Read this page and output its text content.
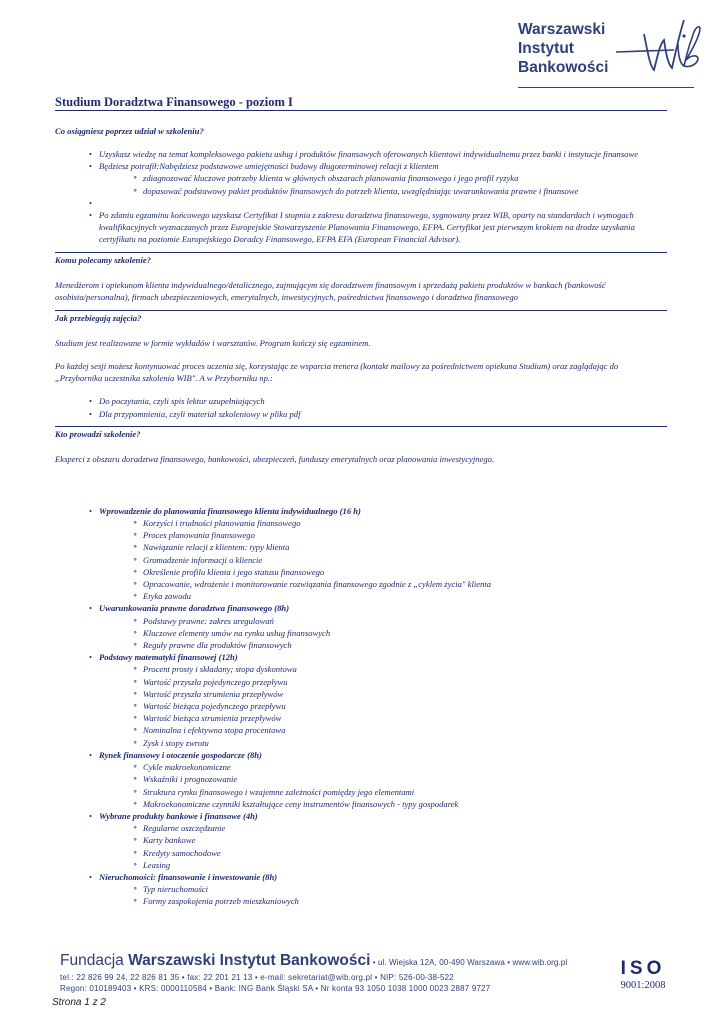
Warszawski
Instytut
Bankowości
Studium Doradztwa Finansowego - poziom I
Co osiągniesz poprzez udział w szkoleniu?
• Uzyskasz wiedzę na temat kompleksowego pakietu usług i produktów finansowych oferowanych klientowi indywidualnemu przez banki i instytucje finansowe
• Będziesz potrafił:Nabędziesz podstawowe umiejętności budowy długoterminowej relacji z klientem
∘ zdiagnozować kluczowe potrzeby klienta w głównych obszarach planowania finansowego i jego profil ryzyka
∘ dopasować podstawowy pakiet produktów finansowych do potrzeb klienta, uwzględniając uwarunkowania prawne i finansowe
•
• Po zdaniu egzaminu końcowego uzyskasz Certyfikat I stopnia z zakresu doradztwa finansowego, sygnowany przez WIB, oparty na standardach i wymogach kwalifikacyjnych wyznaczanych przez Europejskie Stowarzyszenie Planowania Finansowego, EFPA. Certyfikat jest pierwszym krokiem na drodze uzyskania certyfikatu na poziomie Europejskiego Doradcy Finansowego, EFPA EFA (European Financial Advisor).
Komu polecamy szkolenie?
Menedżerom i opiekunom klienta indywidualnego/detalicznego, zajmującym się doradztwem finansowym i sprzedażą pakietu produktów w bankach (bankowość osobista/personalna), firmach ubezpieczeniowych, emerytalnych, inwestycyjnych, pośrednictwa finansowego i doradztwa finansowego
Jak przebiegają zajęcia?
Studium jest realizowane w formie wykładów i warsztatów. Program kończy się egzaminem.
Po każdej sesji możesz kontynuować proces uczenia się, korzystając ze wsparcia trenera (kontakt mailowy za pośrednictwem opiekuna Studium) oraz zaglądając do „Przybornika uczestnika szkolenia WIB". A w Przyborniku np.:
• Do poczytania, czyli spis lektur uzupełniających
• Dla przypomnienia, czyli materiał szkoleniowy w pliku pdf
Kto prowadzi szkolenie?
Eksperci z obszaru doradztwa finansowego, bankowości, ubezpieczeń, funduszy emerytalnych oraz planowania inwestycyjnego.
• Wprowadzenie do planowania finansowego klienta indywidualnego (16 h)
∘ Korzyści i trudności planowania finansowego
∘ Proces planowania finansowego
∘ Nawiązanie relacji z klientem: typy klienta
∘ Gromadzenie informacji o kliencie
∘ Określenie profilu klienta i jego statusu finansowego
∘ Opracowanie, wdrożenie i monitorowanie rozwiązania finansowego zgodnie z „cyklem życia" klienta
∘ Etyka zawodu
• Uwarunkowania prawne doradztwa finansowego (8h)
∘ Podstawy prawne: zakres uregulowań
∘ Kluczowe elementy umów na rynku usług finansowych
∘ Reguły prawne dla produktów finansowych
• Podstawy matematyki finansowej (12h)
∘ Procent prosty i składany; stopa dyskontowa
∘ Wartość przyszła pojedynczego przepływu
∘ Wartość przyszła strumienia przepływów
∘ Wartość bieżąca pojedynczego przepływu
∘ Wartość bieżąca strumienia przepływów
∘ Nominalna i efektywna stopa procentowa
∘ Zysk i stopy zwrotu
• Rynek finansowy i otoczenie gospodarcze (8h)
∘ Cykle makroekonomiczne
∘ Wskaźniki i prognozowanie
∘ Struktura rynku finansowego i wzajemne zależności pomiędzy jego elementami
∘ Makroekonomiczne czynniki kształtujące ceny instrumentów finansowych - typy gospodarek
• Wybrane produkty bankowe i finansowe (4h)
∘ Regularne oszczędzanie
∘ Karty bankowe
∘ Kredyty samochodowe
∘ Leasing
• Nieruchomości: finansowanie i inwestowanie (8h)
∘ Typ nieruchomości
∘ Formy zaspokojenia potrzeb mieszkaniowych
Fundacja Warszawski Instytut Bankowości • ul. Wiejska 12A, 00-490 Warszawa • www.wib.org.pl
tel.: 22 826 99 24, 22 826 81 35 • fax: 22 201 21 13 • e-mail: sekretariat@wib.org.pl • NIP: 526-00-38-522
Regon: 010189403 • KRS: 0000110584 • Bank: ING Bank Śląski SA • Nr konta 93 1050 1038 1000 0023 2887 9727
ISO
9001:2008
Strona 1 z 2
